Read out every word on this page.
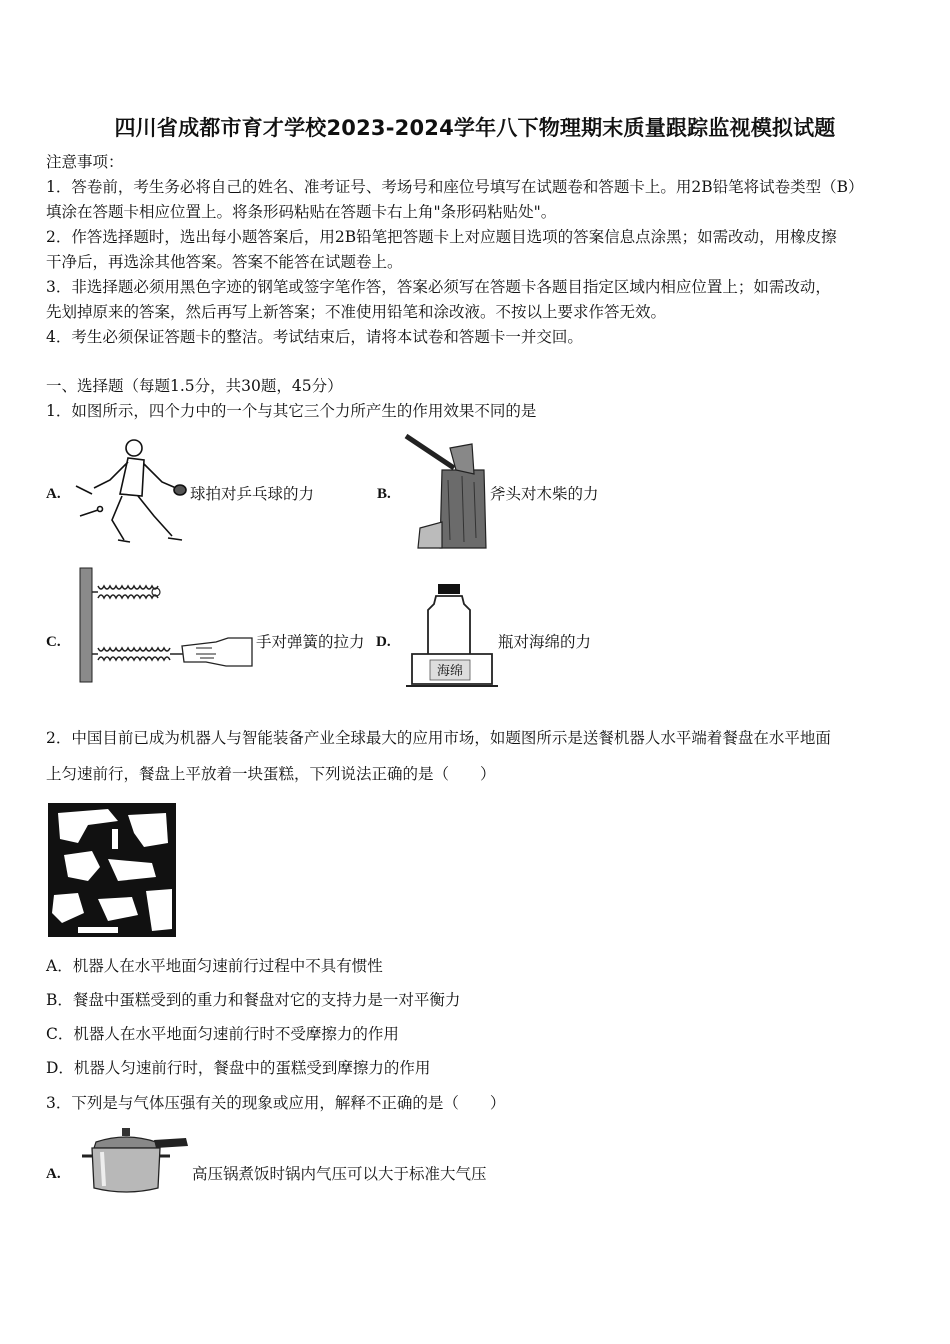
四川省成都市育才学校2023-2024学年八下物理期末质量跟踪监视模拟试题
注意事项：
1．答卷前，考生务必将自己的姓名、准考证号、考场号和座位号填写在试题卷和答题卡上。用2B铅笔将试卷类型（B）
填涂在答题卡相应位置上。将条形码粘贴在答题卡右上角"条形码粘贴处"。
2．作答选择题时，选出每小题答案后，用2B铅笔把答题卡上对应题目选项的答案信息点涂黑；如需改动，用橡皮擦
干净后，再选涂其他答案。答案不能答在试题卷上。
3．非选择题必须用黑色字迹的钢笔或签字笔作答，答案必须写在答题卡各题目指定区域内相应位置上；如需改动，
先划掉原来的答案，然后再写上新答案；不准使用铅笔和涂改液。不按以上要求作答无效。
4．考生必须保证答题卡的整洁。考试结束后，请将本试卷和答题卡一并交回。
一、选择题（每题1.5分，共30题，45分）
1．如图所示，四个力中的一个与其它三个力所产生的作用效果不同的是
A.	球拍对乒乓球的力	B.	斧头对木柴的力
C.	手对弹簧的拉力 D.
海绵
瓶对海绵的力
2．中国目前已成为机器人与智能装备产业全球最大的应用市场，如题图所示是送餐机器人水平端着餐盘在水平地面
上匀速前行，餐盘上平放着一块蛋糕，下列说法正确的是（　　）
A．机器人在水平地面匀速前行过程中不具有惯性
B．餐盘中蛋糕受到的重力和餐盘对它的支持力是一对平衡力
C．机器人在水平地面匀速前行时不受摩擦力的作用
D．机器人匀速前行时，餐盘中的蛋糕受到摩擦力的作用
3．下列是与气体压强有关的现象或应用，解释不正确的是（　　）
A.	高压锅煮饭时锅内气压可以大于标准大气压
